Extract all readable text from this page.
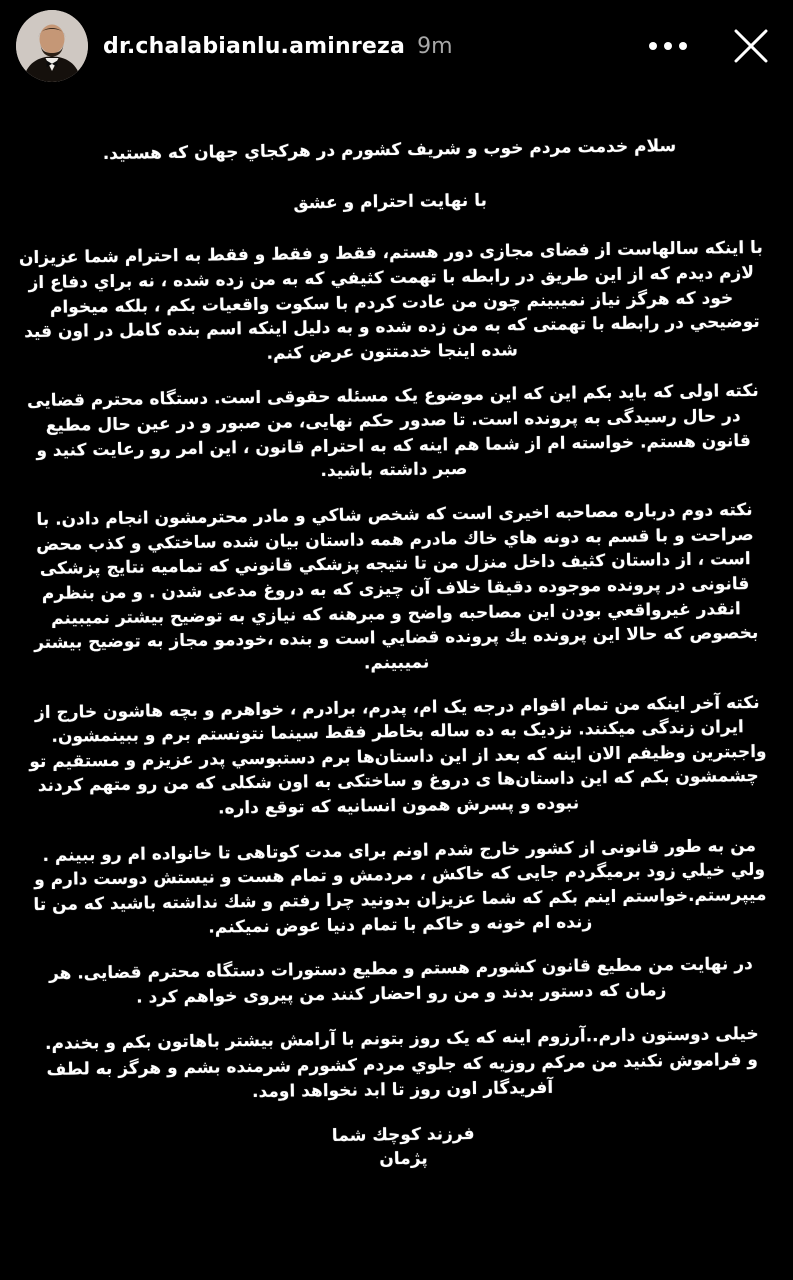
dr.chalabianlu.aminreza 9m

سلام خدمت مردم خوب و شریف کشورم در هرکجاي جهان که هستید.

با نهایت احترام و عشق

با اینکه سالهاست از فضای مجازی دور هستم، فقط و فقط و فقط به احترام شما عزیزان لازم دیدم که از این طریق در رابطه با تهمت کثیفي که به من زده شده ، نه براي دفاع از خود که هرگز نیاز نمیبینم چون من عادت کردم با سکوت واقعیات بکم ، بلکه میخوام توضیحي در رابطه با تهمتی که به من زده شده و به دلیل اینکه اسم بنده کامل در اون قید شده اینجا خدمتتون عرض کنم.

نکته اولی که باید بکم این که این موضوع یک مسئله حقوقی است. دستگاه محترم قضایی در حال رسیدگی به پرونده است. تا صدور حکم نهایی، من صبور و در عین حال مطیع قانون هستم. خواسته ام از شما هم اینه که به احترام قانون ، این امر رو رعایت کنید و صبر داشته باشید.

نکته دوم درباره مصاحبه اخیری است که شخص شاکي و مادر محترمشون انجام دادن. با صراحت و با قسم به دونه هاي خاك مادرم همه داستان بیان شده ساختکي و کذب محض است ، از داستان کثیف داخل منزل من تا نتیجه پزشکي قانوني که تمامیه نتایج پزشکی قانونی در پرونده موجوده دقیقا خلاف آن چیزی که به دروغ مدعی شدن . و من بنظرم انقدر غیرواقعي بودن این مصاحبه واضح و مبرهنه که نیازي به توضیح بیشتر نمیبینم بخصوص که حالا این پرونده یك پرونده قضایي است و بنده ،خودمو مجاز به توضیح بیشتر نمیبینم.

نکته آخر اینکه من تمام اقوام درجه یک ام، پدرم، برادرم ، خواهرم و بچه هاشون خارج از ایران زندگی میکنند. نزدیک به ده ساله بخاطر فقط سینما نتونستم برم و ببینمشون. واجبترین وظیفم الان اینه که بعد از این داستان‌ها برم دستبوسي پدر عزیزم و مستقیم تو چشمشون بکم که این داستان‌ها ی دروغ و ساختکی به اون شکلی که من رو متهم کردند نبوده و پسرش همون انسانیه که توقع داره.

من به طور قانونی از کشور خارج شدم اونم برای مدت کوتاهی تا خانواده ام رو ببینم . ولي خیلي زود برمیگردم جایی که خاکش ، مردمش و تمام هست و نیستش دوست دارم و میپرستم.خواستم اینم بکم که شما عزیزان بدونید چرا رفتم و شك نداشته باشید که من تا زنده ام خونه و خاکم با تمام دنیا عوض نمیکنم.

در نهایت من مطیع قانون کشورم هستم و مطیع دستورات دستگاه محترم قضایی. هر زمان که دستور بدند و من رو احضار کنند من پیروی خواهم کرد .

خیلی دوستون دارم..آرزوم اینه که یک روز بتونم با آرامش بیشتر باهاتون بکم و بخندم.

و فراموش نکنید من مرکم روزیه که جلوي مردم کشورم شرمنده بشم و هرگز به لطف آفریدگار اون روز تا ابد نخواهد اومد.

فرزند کوچك شما

پژمان
